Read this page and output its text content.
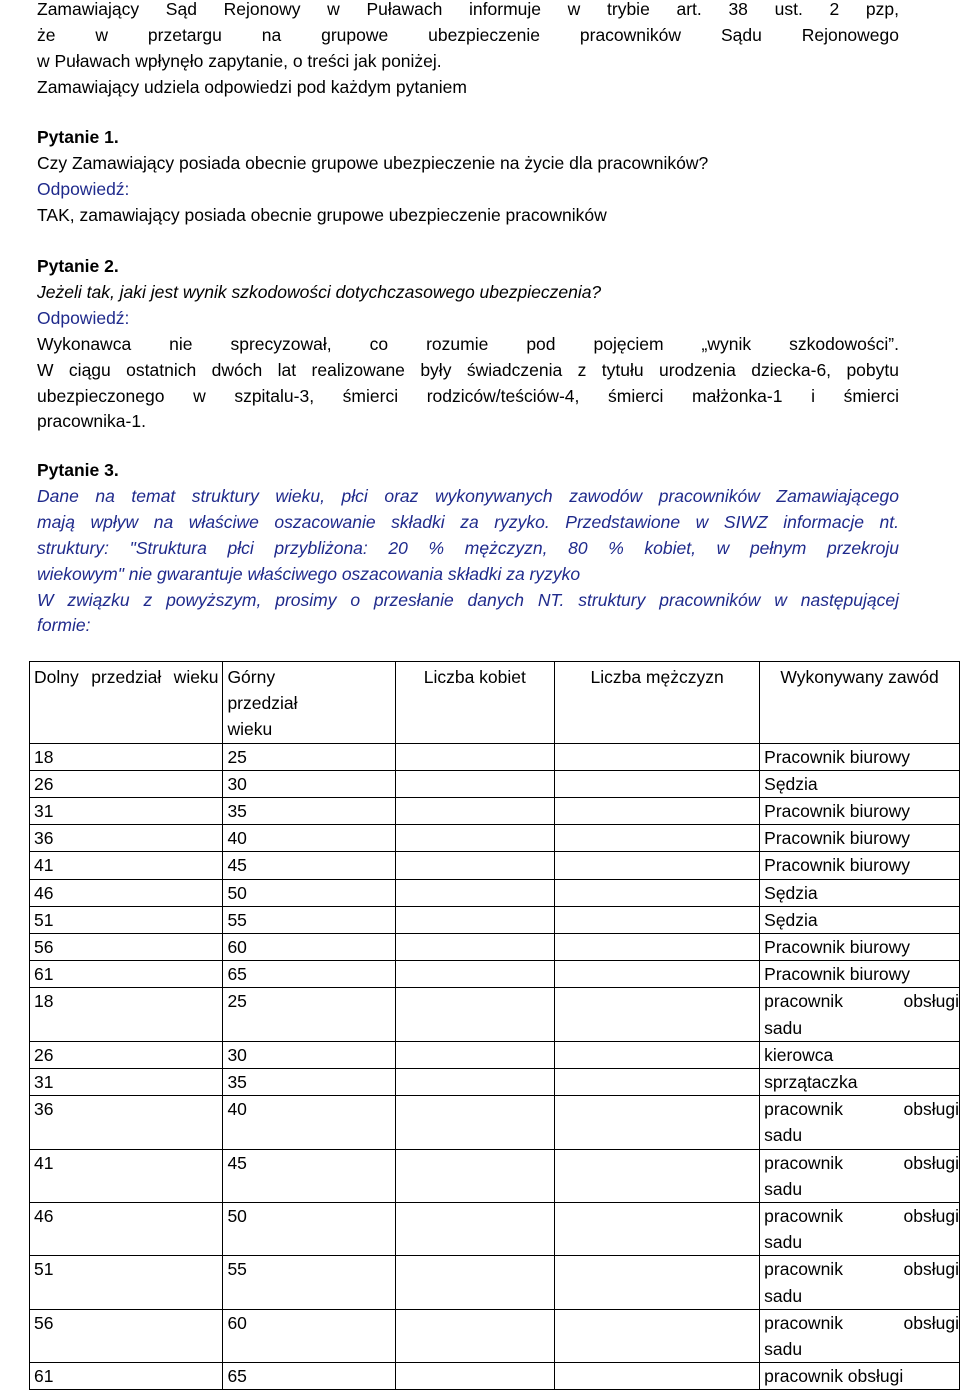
Zamawiający Sąd Rejonowy w Puławach informuje w trybie art. 38 ust. 2 pzp,
że w przetargu na grupowe ubezpieczenie pracowników Sądu Rejonowego
w Puławach wpłynęło zapytanie, o treści jak poniżej.
Zamawiający udziela odpowiedzi pod każdym pytaniem
Pytanie 1.
Czy Zamawiający posiada obecnie grupowe ubezpieczenie na życie dla pracowników?
Odpowiedź:
TAK, zamawiający posiada obecnie grupowe ubezpieczenie pracowników
Pytanie 2.
Jeżeli tak, jaki jest wynik szkodowości dotychczasowego ubezpieczenia?
Odpowiedź:
Wykonawca nie sprecyzował, co rozumie pod pojęciem „wynik szkodowości”.
W ciągu ostatnich dwóch lat realizowane były świadczenia z tytułu urodzenia dziecka-6, pobytu
ubezpieczonego w szpitalu-3, śmierci rodziców/teściów-4, śmierci małżonka-1 i śmierci
pracownika-1.
Pytanie 3.
Dane na temat struktury wieku, płci oraz wykonywanych zawodów pracowników Zamawiającego
mają wpływ na właściwe oszacowanie składki za ryzyko. Przedstawione w SIWZ informacje nt.
struktury: "Struktura płci przybliżona: 20 % mężczyzn, 80 % kobiet, w pełnym przekroju
wiekowym" nie gwarantuje właściwego oszacowania składki za ryzyko
W związku z powyższym, prosimy o przesłanie danych NT. struktury pracowników w następującej
formie:
Dolny przedział wieku	Górny przedział wieku	Liczba kobiet	Liczba mężczyzn	Wykonywany zawód
18	25			Pracownik biurowy
26	30			Sędzia
31	35			Pracownik biurowy
36	40			Pracownik biurowy
41	45			Pracownik biurowy
46	50			Sędzia
51	55			Sędzia
56	60			Pracownik biurowy
61	65			Pracownik biurowy
18	25			pracownik obsługi
sadu

26	30			kierowca
31	35			sprzątaczka
36	40			pracownik obsługi
sadu

41	45			pracownik obsługi
sadu

46	50			pracownik obsługi
sadu

51	55			pracownik obsługi
sadu

56	60			pracownik obsługi
sadu

61	65			pracownik obsługi
